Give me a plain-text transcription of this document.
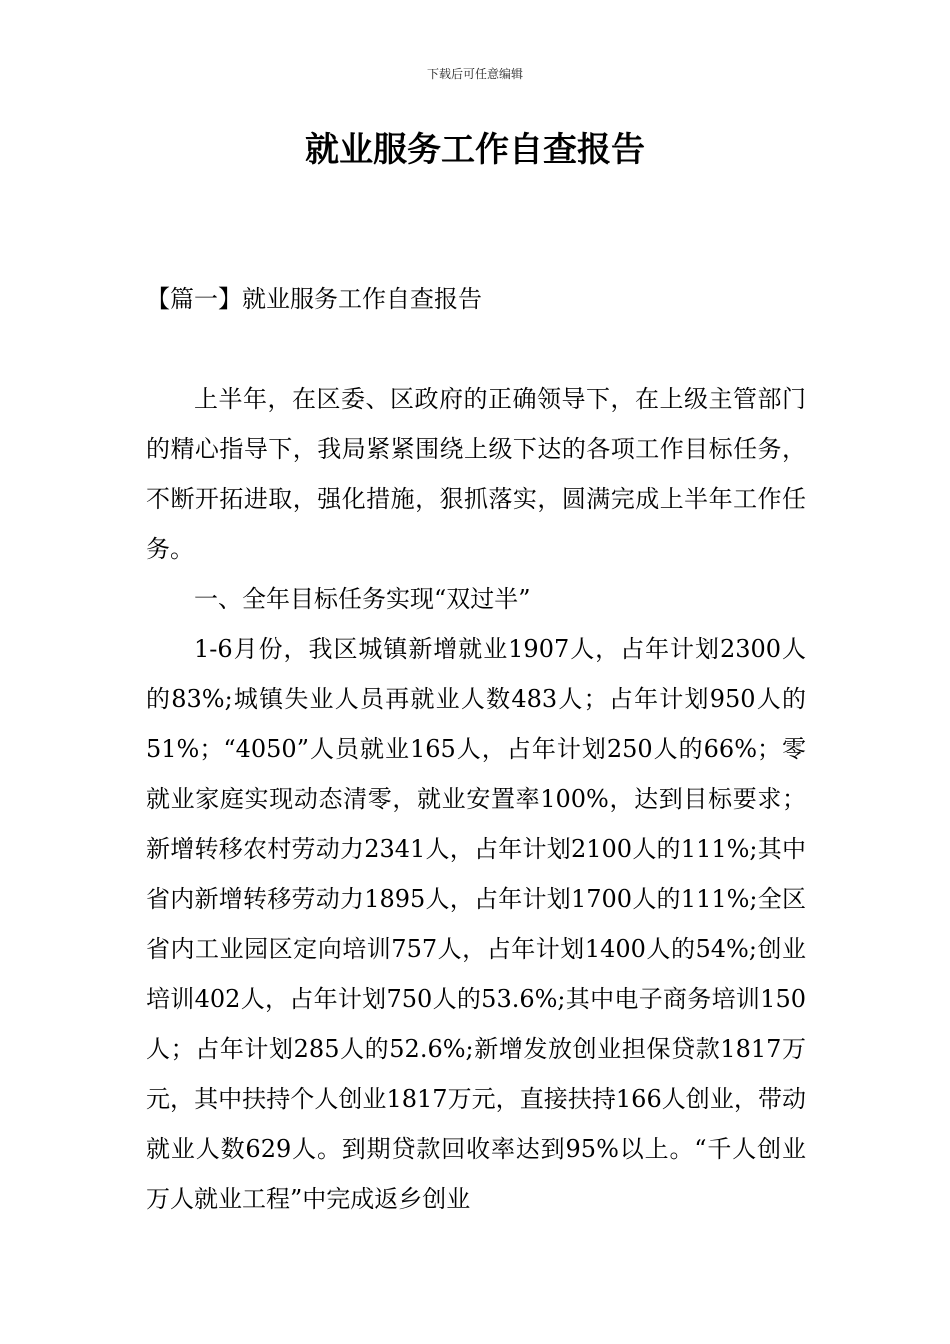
下载后可任意编辑
就业服务工作自查报告
【篇一】就业服务工作自查报告

上半年，在区委、区政府的正确领导下，在上级主管部门的精心指导下，我局紧紧围绕上级下达的各项工作目标任务，不断开拓进取，强化措施，狠抓落实，圆满完成上半年工作任务。

一、全年目标任务实现“双过半”

1-6月份，我区城镇新增就业1907人，占年计划2300人的83%;城镇失业人员再就业人数483人；占年计划950人的51%；“4050”人员就业165人，占年计划250人的66%；零就业家庭实现动态清零，就业安置率100%，达到目标要求；新增转移农村劳动力2341人，占年计划2100人的111%;其中省内新增转移劳动力1895人，占年计划1700人的111%;全区省内工业园区定向培训757人，占年计划1400人的54%;创业培训402人，占年计划750人的53.6%;其中电子商务培训150人；占年计划285人的52.6%;新增发放创业担保贷款1817万元，其中扶持个人创业1817万元，直接扶持166人创业，带动就业人数629人。到期贷款回收率达到95%以上。“千人创业万人就业工程”中完成返乡创业
